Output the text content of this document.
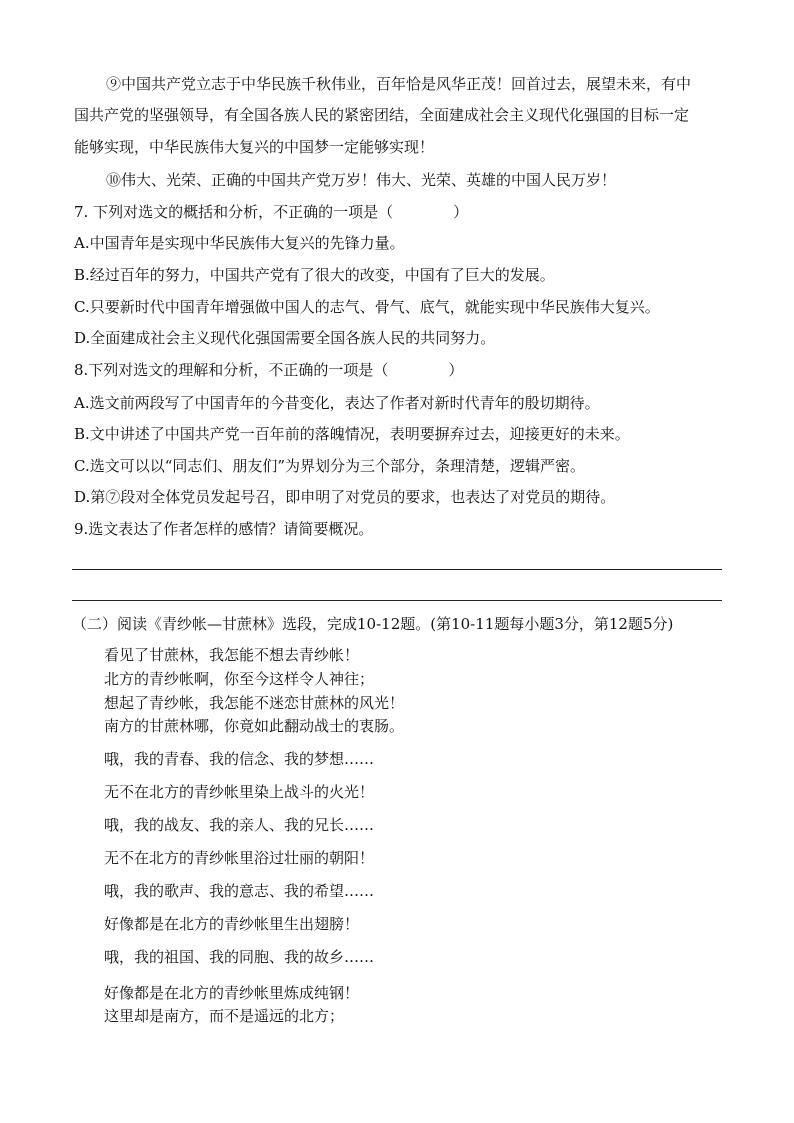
⑨中国共产党立志于中华民族千秋伟业，百年恰是风华正茂！回首过去，展望未来，有中
国共产党的坚强领导，有全国各族人民的紧密团结，全面建成社会主义现代化强国的目标一定
能够实现，中华民族伟大复兴的中国梦一定能够实现！
⑩伟大、光荣、正确的中国共产党万岁！伟大、光荣、英雄的中国人民万岁！
7. 下列对选文的概括和分析，不正确的一项是（　　　　）
A.中国青年是实现中华民族伟大复兴的先锋力量。
B.经过百年的努力，中国共产党有了很大的改变，中国有了巨大的发展。
C.只要新时代中国青年增强做中国人的志气、骨气、底气，就能实现中华民族伟大复兴。
D.全面建成社会主义现代化强国需要全国各族人民的共同努力。
8.下列对选文的理解和分析，不正确的一项是（　　　　）
A.选文前两段写了中国青年的今昔变化，表达了作者对新时代青年的殷切期待。
B.文中讲述了中国共产党一百年前的落魄情况，表明要摒弃过去，迎接更好的未来。
C.选文可以以“同志们、朋友们”为界划分为三个部分，条理清楚，逻辑严密。
D.第⑦段对全体党员发起号召，即申明了对党员的要求，也表达了对党员的期待。
9.选文表达了作者怎样的感情？请简要概况。
（二）阅读《青纱帐—甘蔗林》选段，完成10-12题。(第10-11题每小题3分，第12题5分)
看见了甘蔗林，我怎能不想去青纱帐！
北方的青纱帐啊，你至今这样令人神往；
想起了青纱帐，我怎能不迷恋甘蔗林的风光！
南方的甘蔗林哪，你竟如此翻动战士的衷肠。
哦，我的青春、我的信念、我的梦想……
无不在北方的青纱帐里染上战斗的火光！
哦，我的战友、我的亲人、我的兄长……
无不在北方的青纱帐里浴过壮丽的朝阳！
哦，我的歌声、我的意志、我的希望……
好像都是在北方的青纱帐里生出翅膀！
哦，我的祖国、我的同胞、我的故乡……
好像都是在北方的青纱帐里炼成纯钢！
这里却是南方，而不是遥远的北方；
